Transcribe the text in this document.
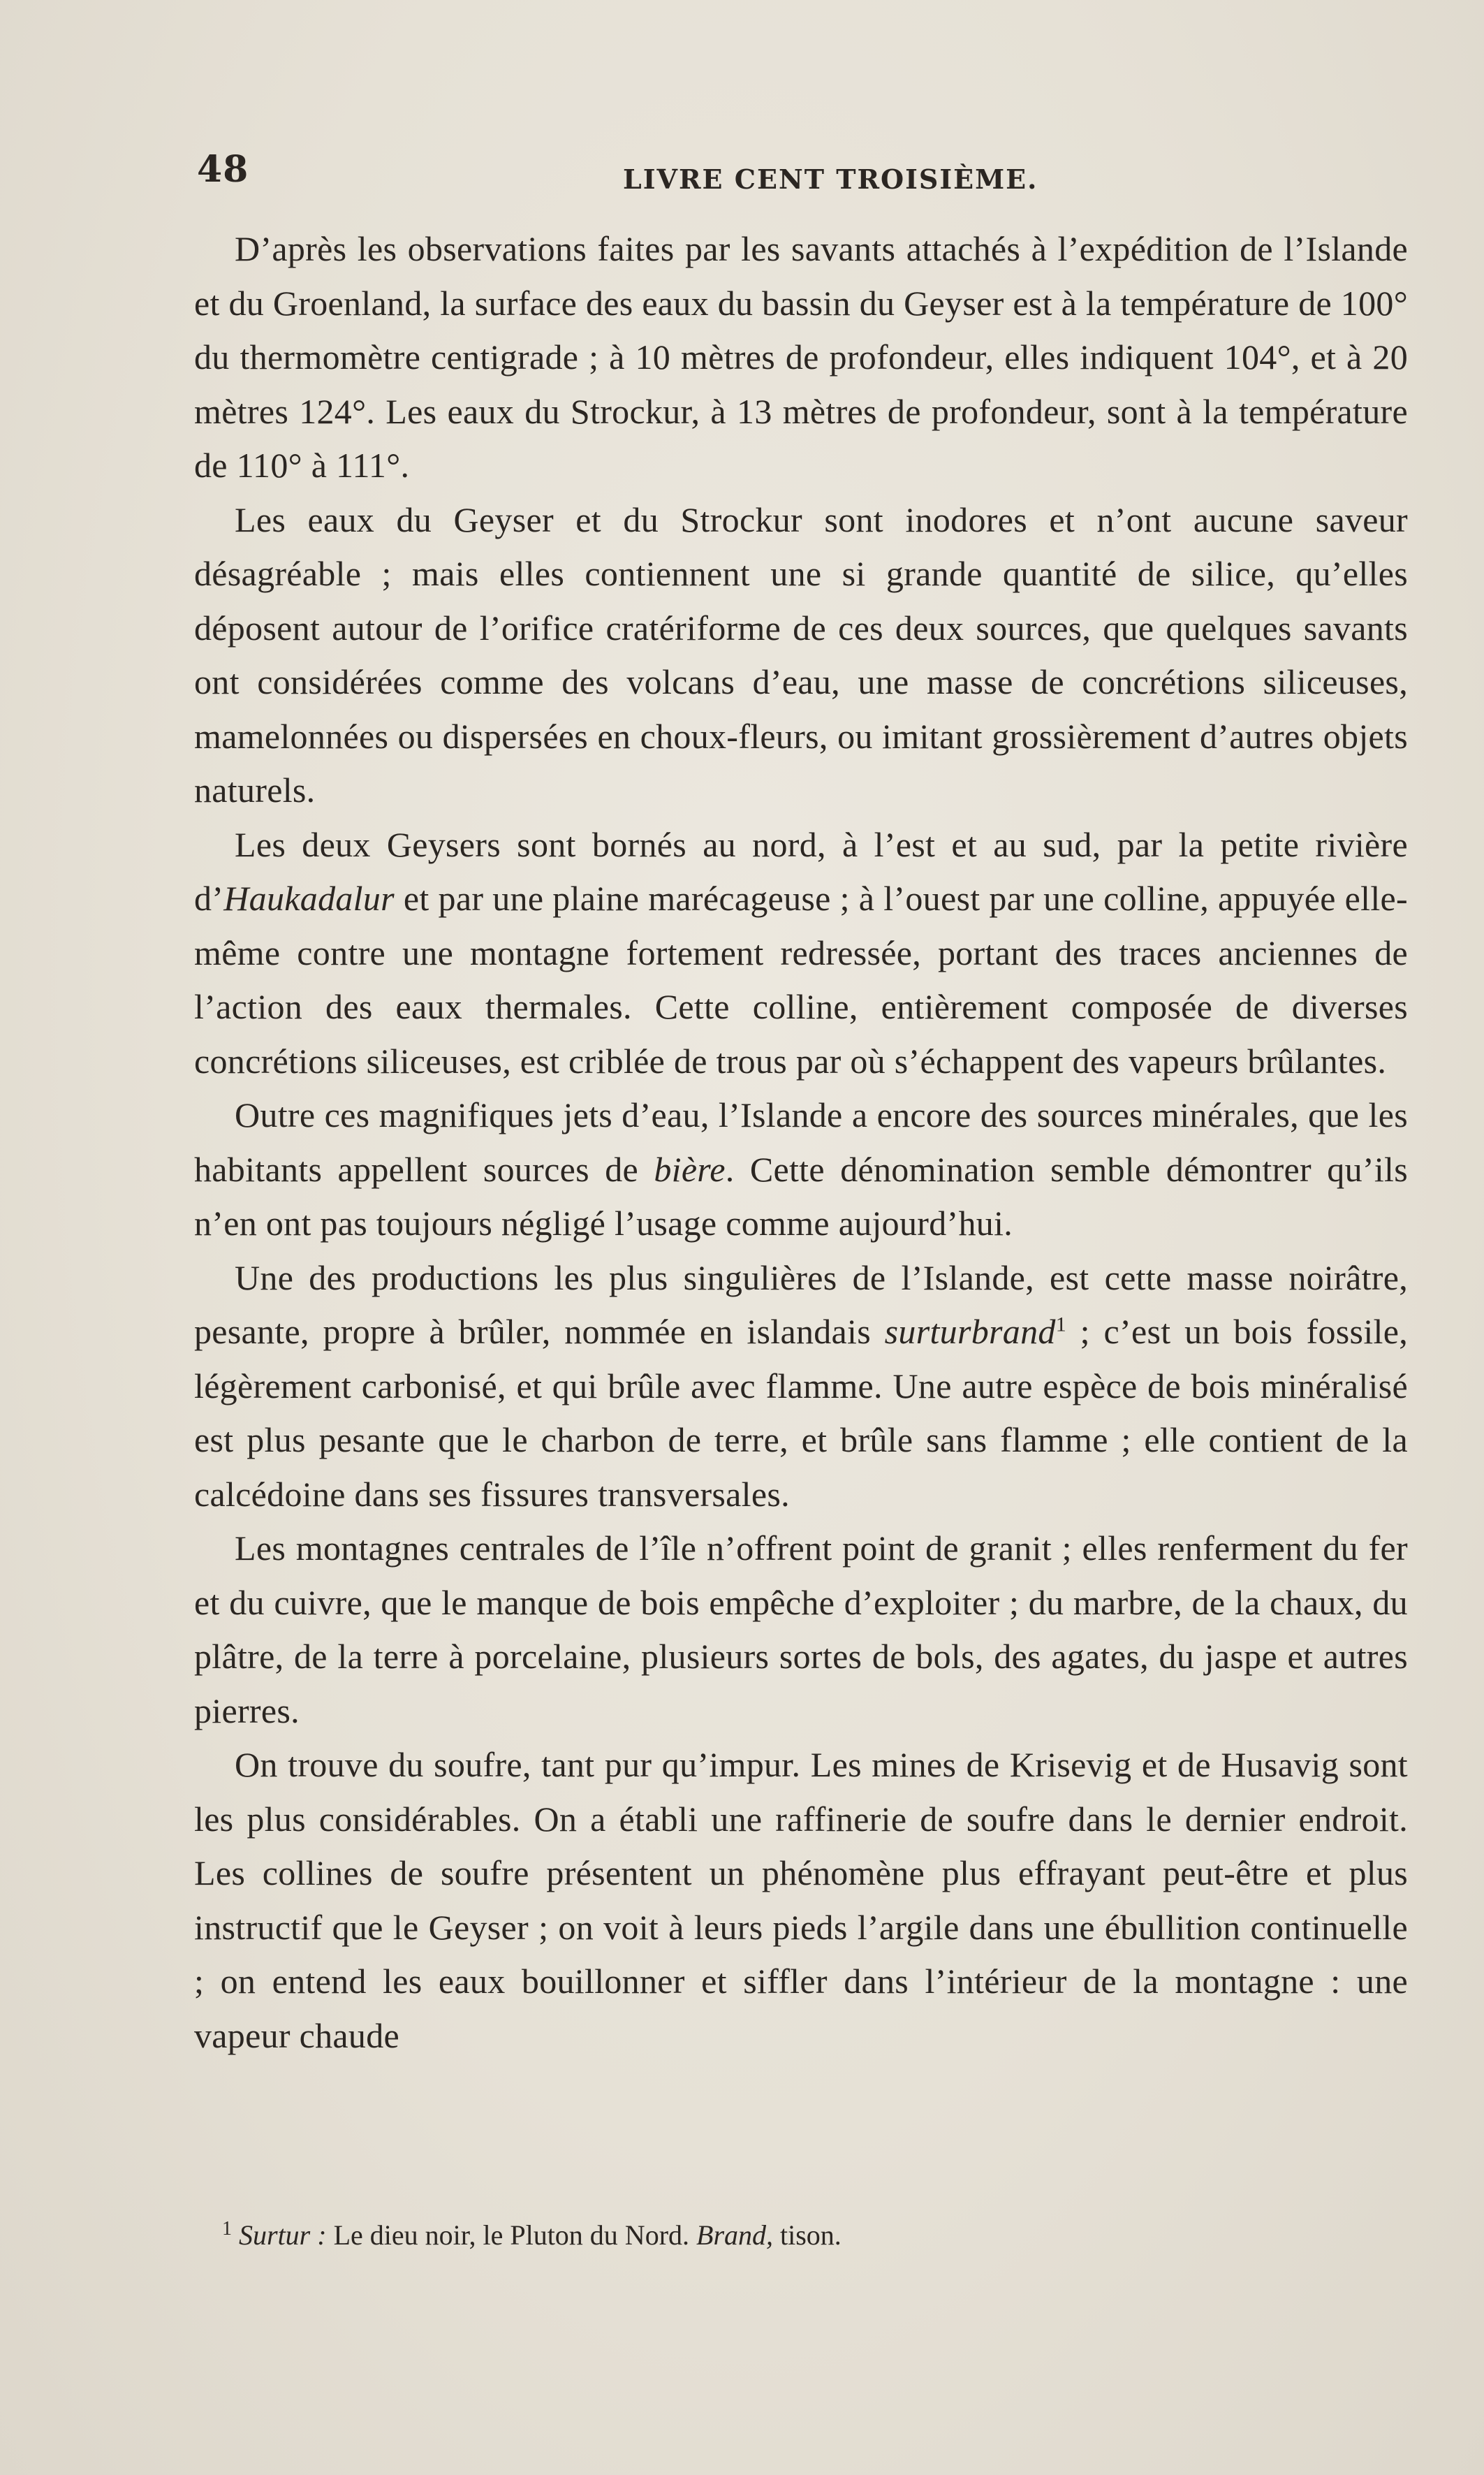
48	LIVRE CENT TROISIÈME.

D’après les observations faites par les savants attachés à l’expédition de l’Islande et du Groenland, la surface des eaux du bassin du Geyser est à la température de 100° du thermomètre centigrade ; à 10 mètres de profondeur, elles indiquent 104°, et à 20 mètres 124°. Les eaux du Strockur, à 13 mètres de profondeur, sont à la température de 110° à 111°.

Les eaux du Geyser et du Strockur sont inodores et n’ont aucune saveur désagréable ; mais elles contiennent une si grande quantité de silice, qu’elles déposent autour de l’orifice cratériforme de ces deux sources, que quelques savants ont considérées comme des volcans d’eau, une masse de concrétions siliceuses, mamelonnées ou dispersées en choux-fleurs, ou imitant grossièrement d’autres objets naturels.

Les deux Geysers sont bornés au nord, à l’est et au sud, par la petite rivière d’Haukadalur et par une plaine marécageuse ; à l’ouest par une colline, appuyée elle-même contre une montagne fortement redressée, portant des traces anciennes de l’action des eaux thermales. Cette colline, entièrement composée de diverses concrétions siliceuses, est criblée de trous par où s’échappent des vapeurs brûlantes.

Outre ces magnifiques jets d’eau, l’Islande a encore des sources minérales, que les habitants appellent sources de bière. Cette dénomination semble démontrer qu’ils n’en ont pas toujours négligé l’usage comme aujourd’hui.

Une des productions les plus singulières de l’Islande, est cette masse noirâtre, pesante, propre à brûler, nommée en islandais surturbrand$^1$ ; c’est un bois fossile, légèrement carbonisé, et qui brûle avec flamme. Une autre espèce de bois minéralisé est plus pesante que le charbon de terre, et brûle sans flamme ; elle contient de la calcédoine dans ses fissures transversales.

Les montagnes centrales de l’île n’offrent point de granit ; elles renferment du fer et du cuivre, que le manque de bois empêche d’exploiter ; du marbre, de la chaux, du plâtre, de la terre à porcelaine, plusieurs sortes de bols, des agates, du jaspe et autres pierres.

On trouve du soufre, tant pur qu’impur. Les mines de Krisevig et de Husavig sont les plus considérables. On a établi une raffinerie de soufre dans le dernier endroit. Les collines de soufre présentent un phénomène plus effrayant peut-être et plus instructif que le Geyser ; on voit à leurs pieds l’argile dans une ébullition continuelle ; on entend les eaux bouillonner et siffler dans l’intérieur de la montagne : une vapeur chaude

$^1$ Surtur : Le dieu noir, le Pluton du Nord. Brand, tison.
